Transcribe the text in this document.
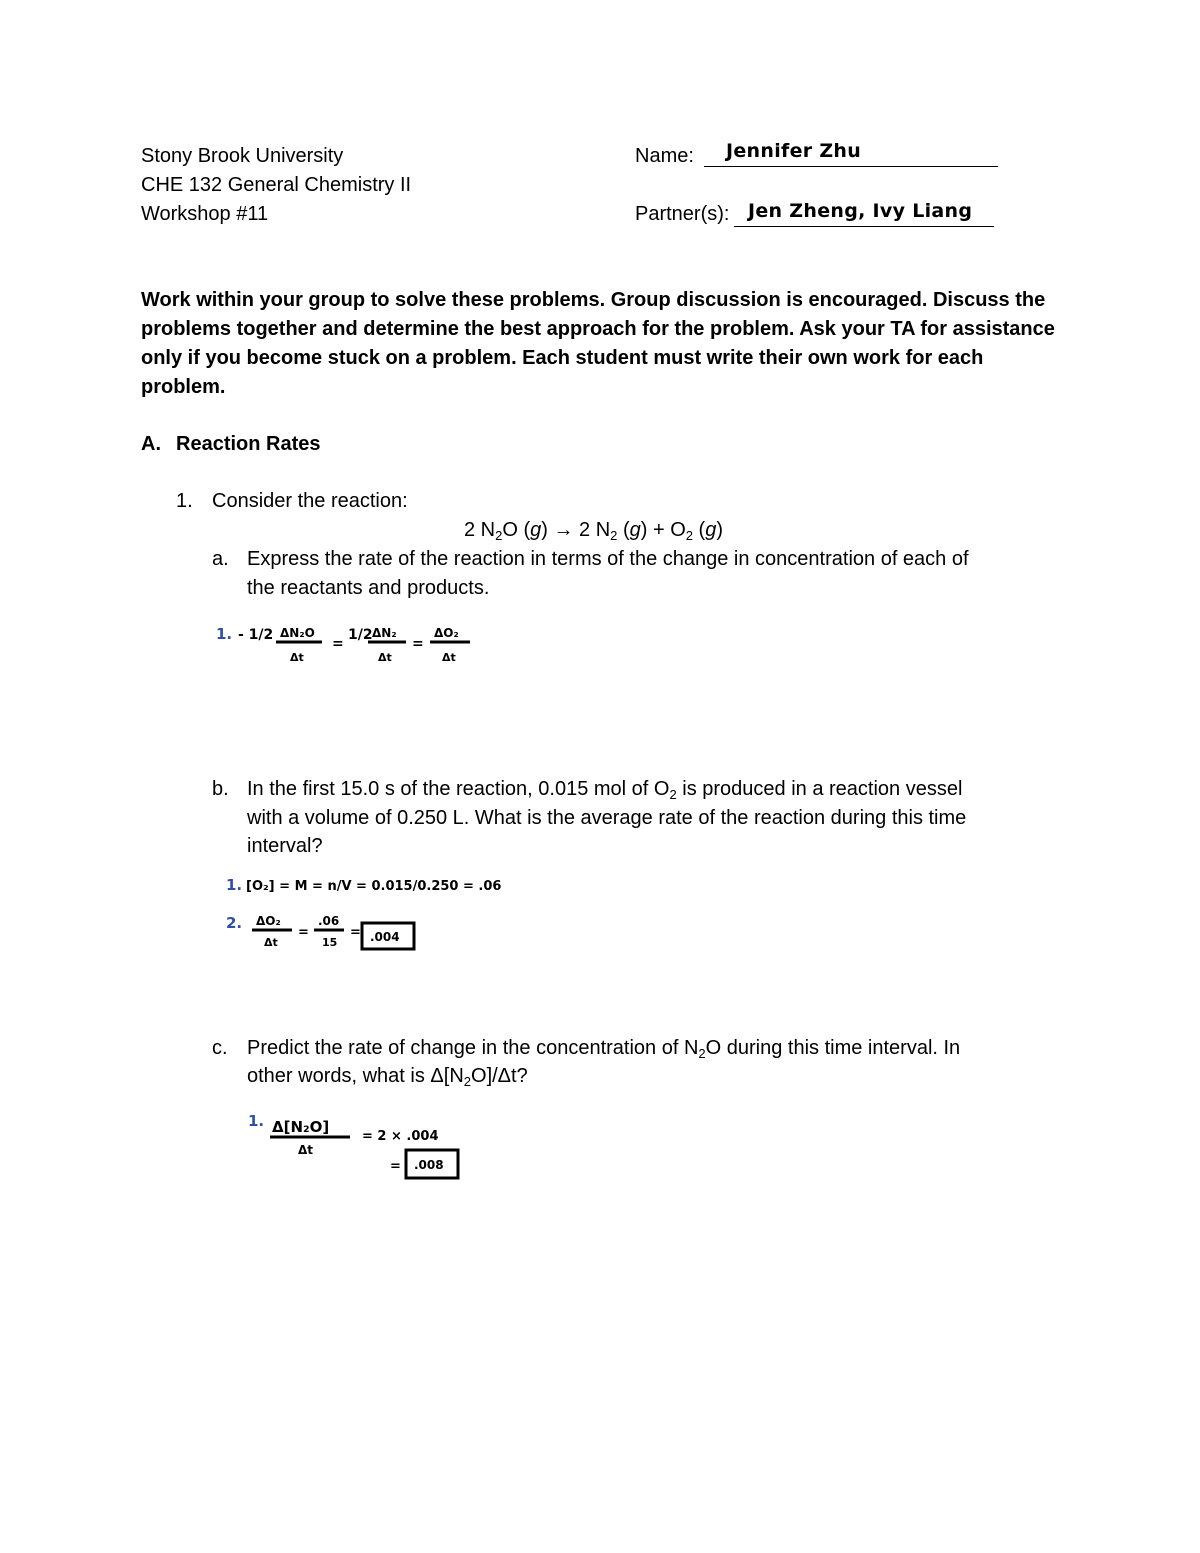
Stony Brook University
CHE 132 General Chemistry II
Workshop #11
Name: Jennifer Zhu
Partner(s): Jen Zheng, Ivy Liang
Work within your group to solve these problems. Group discussion is encouraged. Discuss the problems together and determine the best approach for the problem. Ask your TA for assistance only if you become stuck on a problem. Each student must write their own work for each problem.
A. Reaction Rates
1. Consider the reaction:
2 $N_2O$ (g) → 2 $N_2$ $(g) + O_2$ (g)
a. Express the rate of the reaction in terms of the change in concentration of each of
the reactants and products.
1. - 1/2 ΔN₂O
Δt
=
1/2 ΔN₂
Δt
=
ΔO₂
Δt
b. In the first 15.0 s of the reaction, 0.015 mol of $O_2$ is produced in a reaction vessel
with a volume of 0.250 L. What is the average rate of the reaction during this time
interval?
1. [O₂] = M = n/V = 0.015/0.250 = .06
2. ΔO₂
Δt
=
.06
15
= .004
c. Predict the rate of change in the concentration of $N_2O$ during this time interval. In
other words, what is $\Delta[N_2O]/\Delta t$?
1. Δ[N₂O]
Δt
= 2 × .004
= .008
